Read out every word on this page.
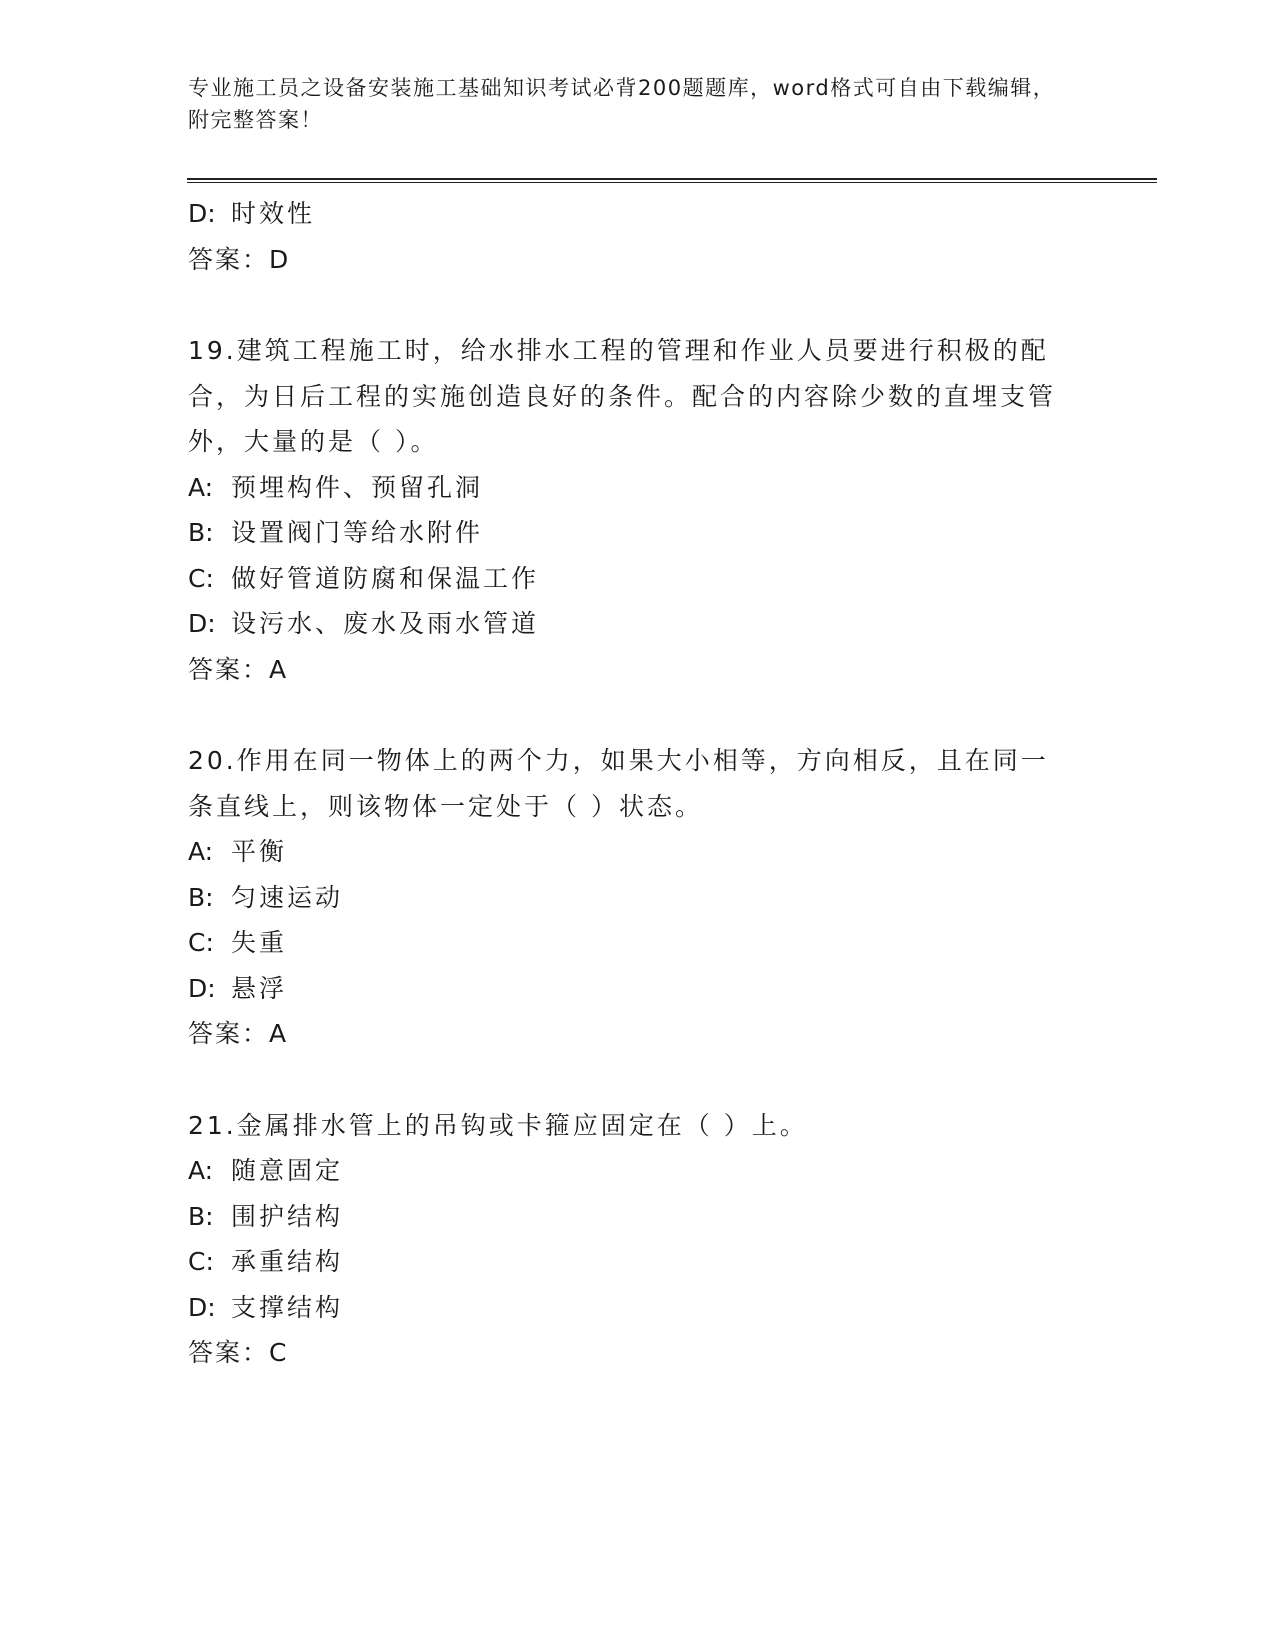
专业施工员之设备安装施工基础知识考试必背200题题库，word格式可自由下载编辑，附完整答案！
D: 时效性
答案：D
19.建筑工程施工时，给水排水工程的管理和作业人员要进行积极的配合，为日后工程的实施创造良好的条件。配合的内容除少数的直埋支管外，大量的是（ ）。
A: 预埋构件、预留孔洞
B: 设置阀门等给水附件
C: 做好管道防腐和保温工作
D: 设污水、废水及雨水管道
答案：A
20.作用在同一物体上的两个力，如果大小相等，方向相反，且在同一条直线上，则该物体一定处于（ ）状态。
A: 平衡
B: 匀速运动
C: 失重
D: 悬浮
答案：A
21.金属排水管上的吊钩或卡箍应固定在（ ）上。
A: 随意固定
B: 围护结构
C: 承重结构
D: 支撑结构
答案：C
